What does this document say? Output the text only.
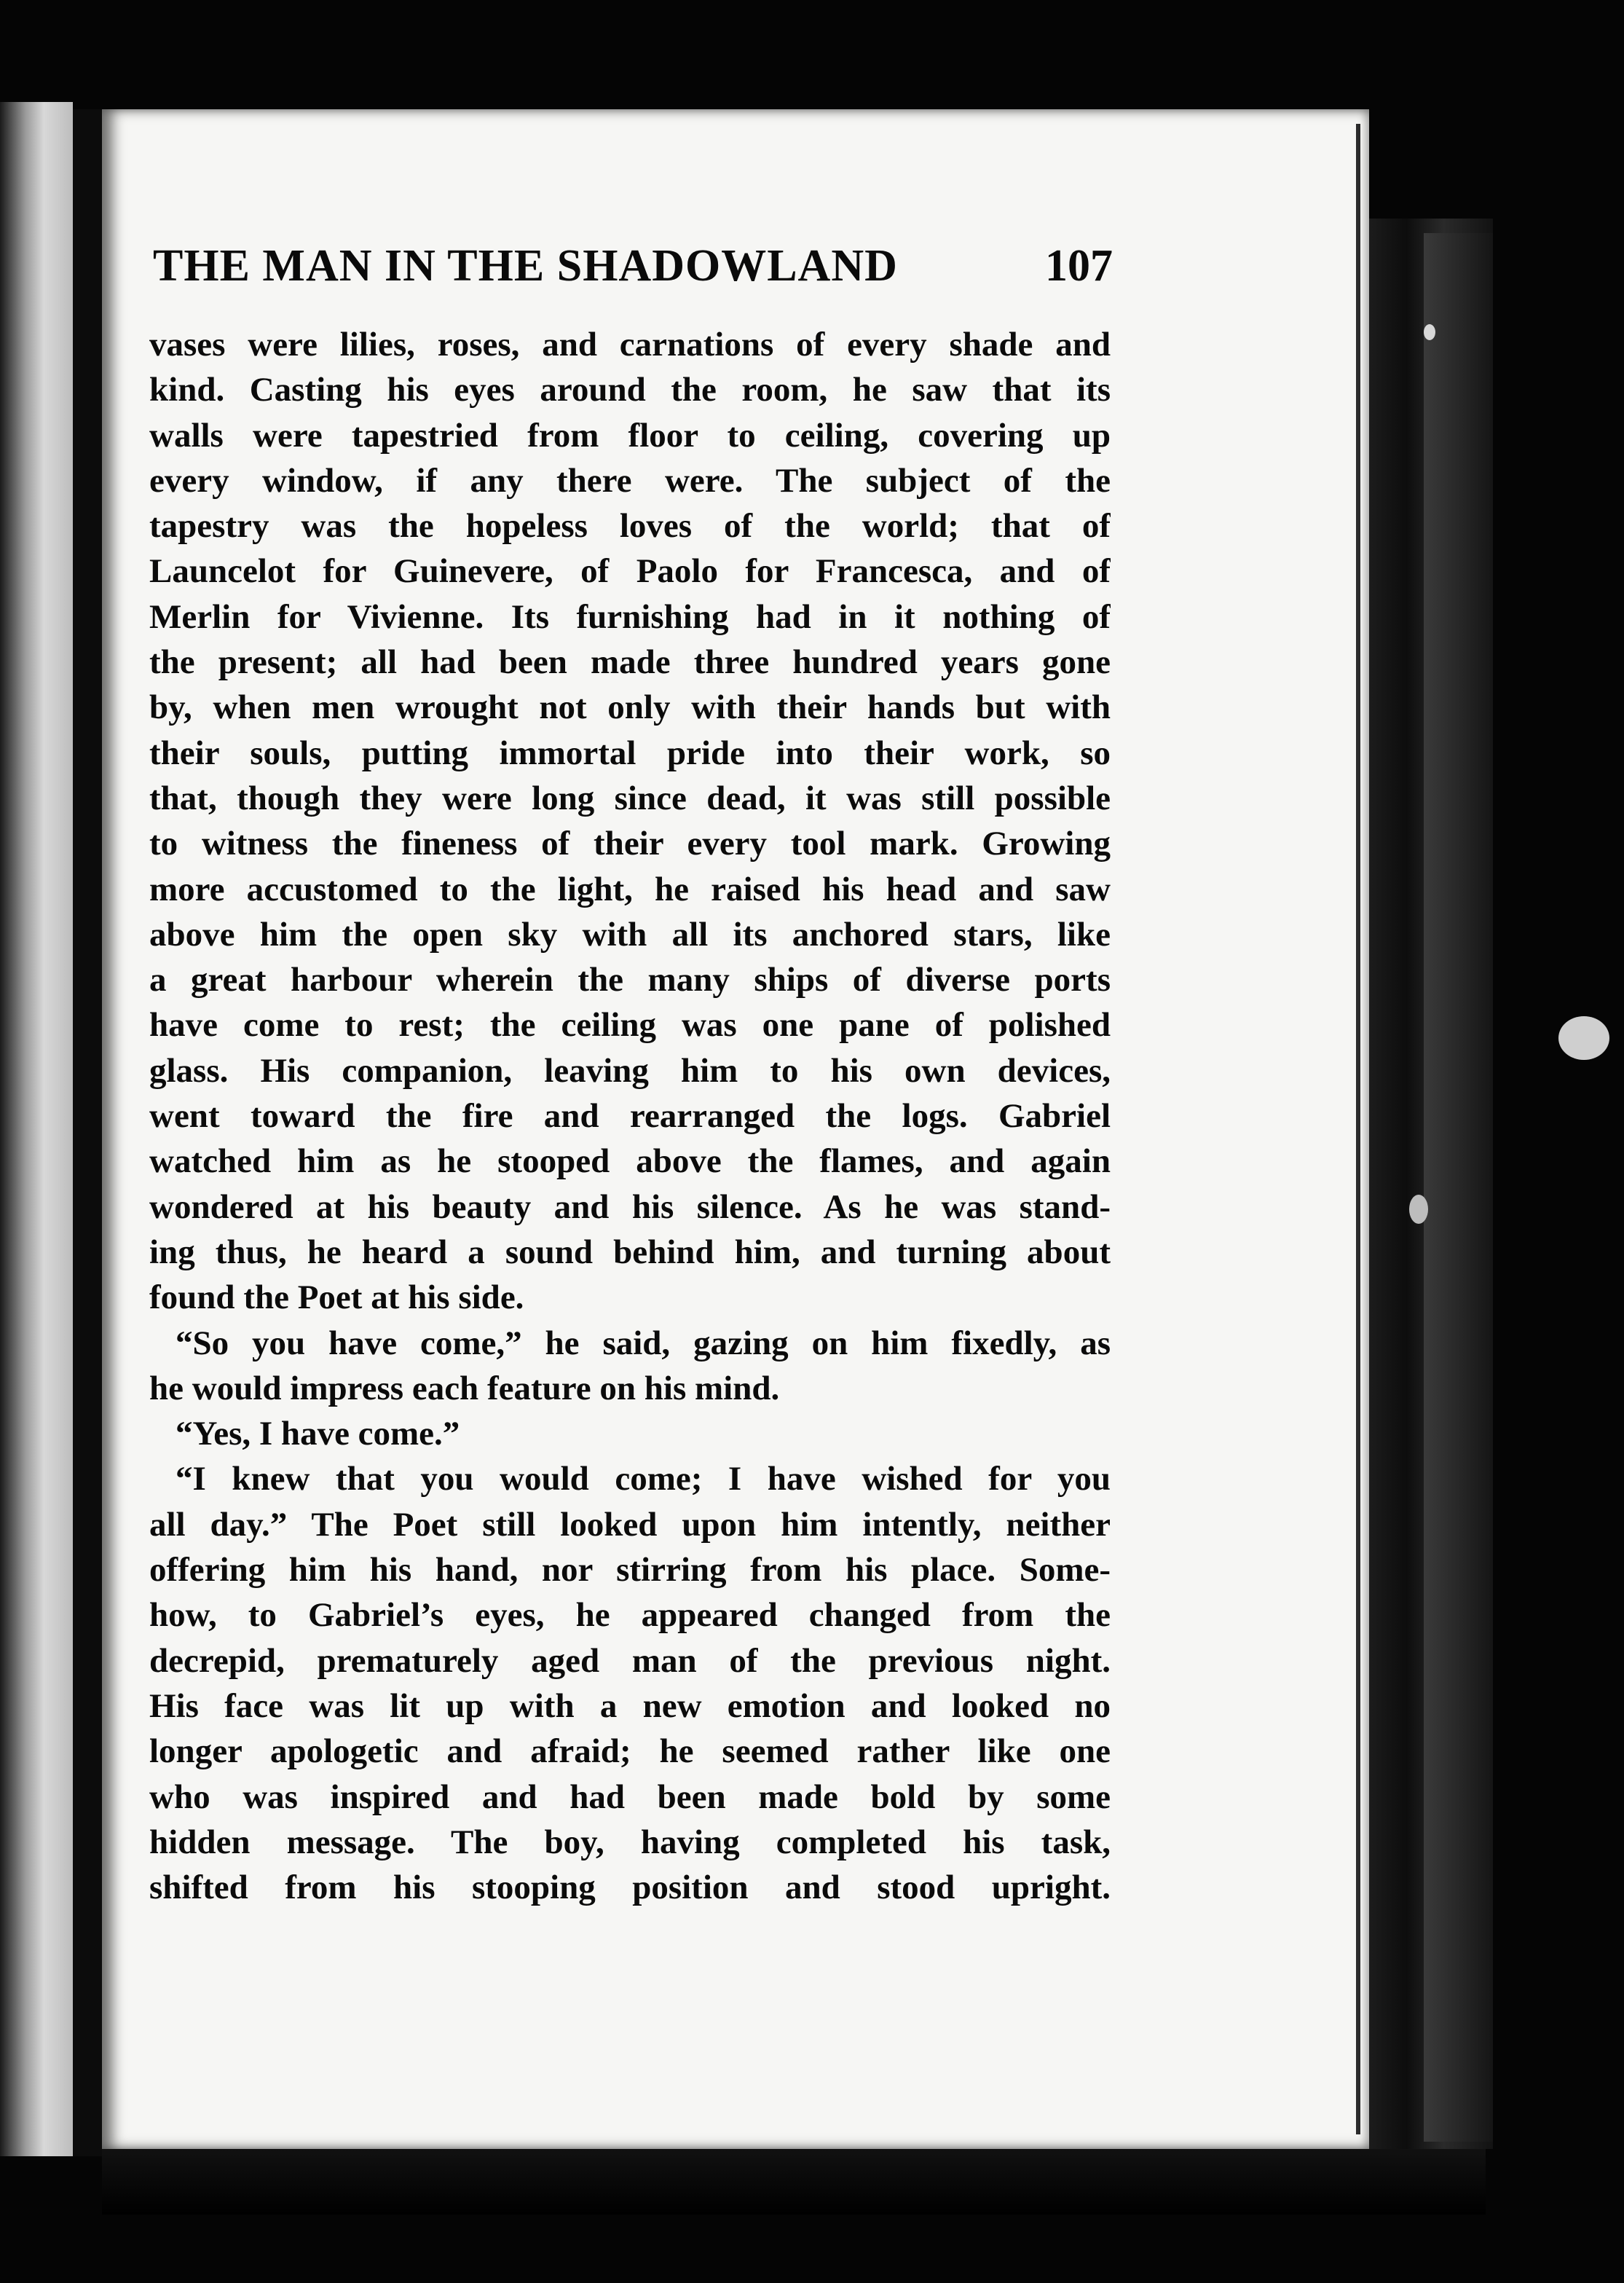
THE MAN IN THE SHADOWLAND	107
vases were lilies, roses, and carnations of every shade and
kind. Casting his eyes around the room, he saw that its
walls were tapestried from floor to ceiling, covering up
every window, if any there were. The subject of the
tapestry was the hopeless loves of the world; that of
Launcelot for Guinevere, of Paolo for Francesca, and of
Merlin for Vivienne. Its furnishing had in it nothing of
the present; all had been made three hundred years gone
by, when men wrought not only with their hands but with
their souls, putting immortal pride into their work, so
that, though they were long since dead, it was still possible
to witness the fineness of their every tool mark. Growing
more accustomed to the light, he raised his head and saw
above him the open sky with all its anchored stars, like
a great harbour wherein the many ships of diverse ports
have come to rest; the ceiling was one pane of polished
glass. His companion, leaving him to his own devices,
went toward the fire and rearranged the logs. Gabriel
watched him as he stooped above the flames, and again
wondered at his beauty and his silence. As he was stand-
ing thus, he heard a sound behind him, and turning about
found the Poet at his side.
“So you have come,” he said, gazing on him fixedly, as
he would impress each feature on his mind.
“Yes, I have come.”
“I knew that you would come; I have wished for you
all day.” The Poet still looked upon him intently, neither
offering him his hand, nor stirring from his place. Some-
how, to Gabriel’s eyes, he appeared changed from the
decrepid, prematurely aged man of the previous night.
His face was lit up with a new emotion and looked no
longer apologetic and afraid; he seemed rather like one
who was inspired and had been made bold by some
hidden message. The boy, having completed his task,
shifted from his stooping position and stood upright.
